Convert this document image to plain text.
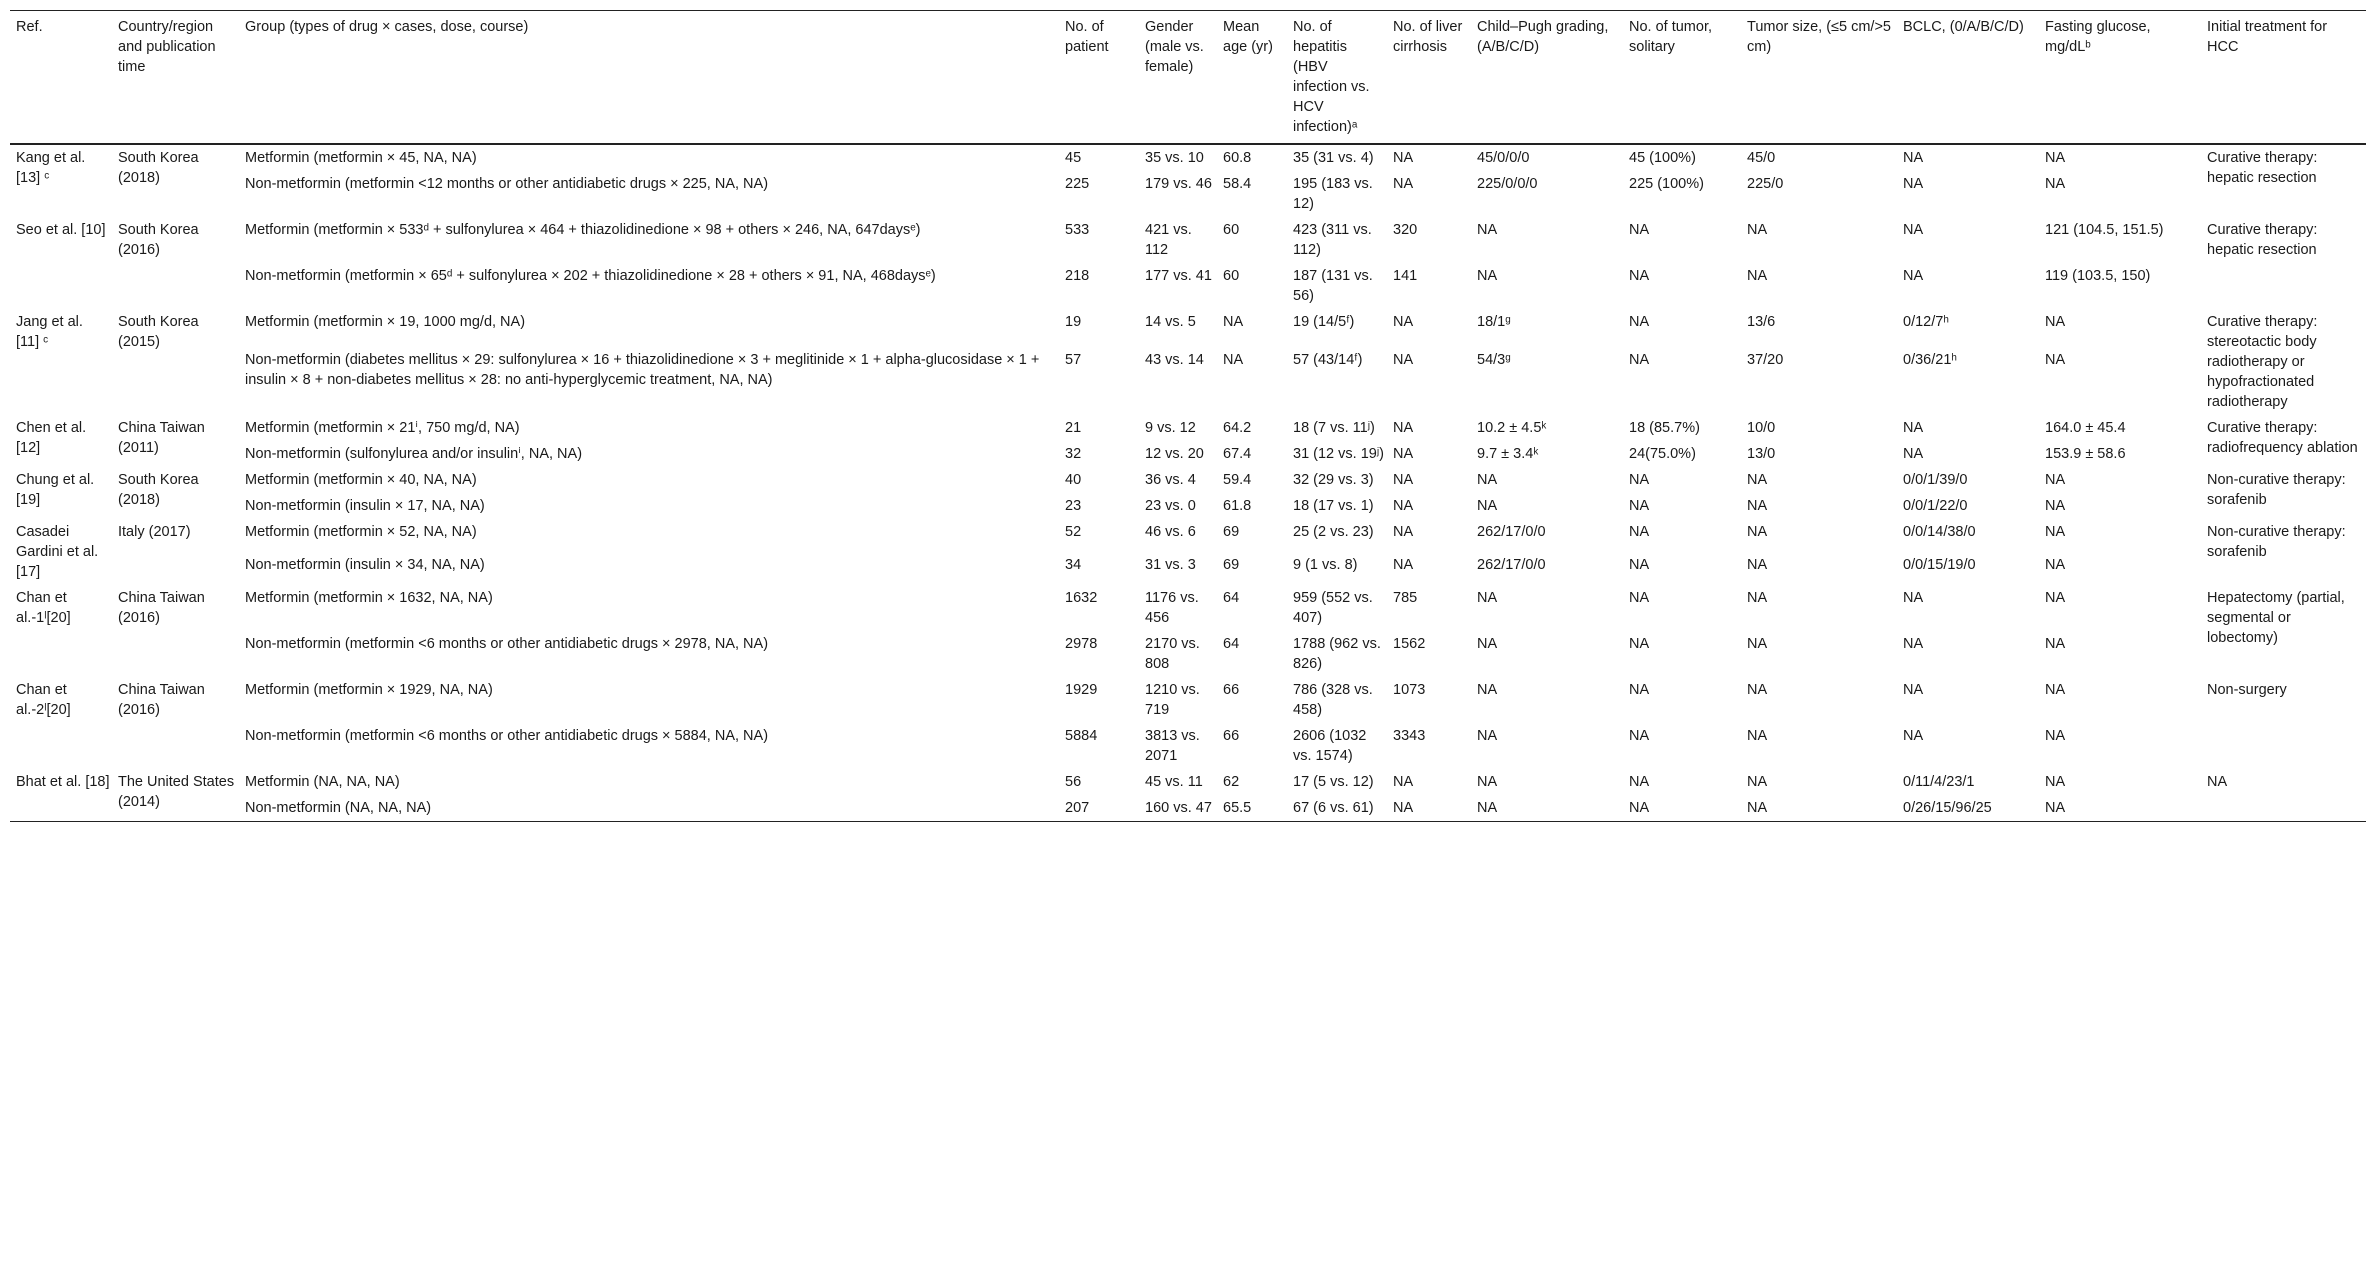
Ref.	Country/region and publication time	Group (types of drug × cases, dose, course)	No. of patient	Gender (male vs. female)	Mean age (yr)	No. of hepatitis (HBV infection vs. HCV infection)ᵃ	No. of liver cirrhosis	Child–Pugh grading, (A/B/C/D)	No. of tumor, solitary	Tumor size, (≤5 cm/>5 cm)	BCLC, (0/A/B/C/D)	Fasting glucose, mg/dLᵇ	Initial treatment for HCC
Kang et al. [13] ᶜ	South Korea (2018)	Metformin (metformin × 45, NA, NA)	45	35 vs. 10	60.8	35 (31 vs. 4)	NA	45/0/0/0	45 (100%)	45/0	NA	NA	Curative therapy: hepatic resection
		Non-metformin (metformin <12 months or other antidiabetic drugs × 225, NA, NA)	225	179 vs. 46	58.4	195 (183 vs. 12)	NA	225/0/0/0	225 (100%)	225/0	NA	NA	
Seo et al. [10]	South Korea (2016)	Metformin (metformin × 533ᵈ + sulfonylurea × 464 + thiazolidinedione × 98 + others × 246, NA, 647daysᵉ)	533	421 vs. 112	60	423 (311 vs. 112)	320	NA	NA	NA	NA	121 (104.5, 151.5)	Curative therapy: hepatic resection
		Non-metformin (metformin × 65ᵈ + sulfonylurea × 202 + thiazolidinedione × 28 + others × 91, NA, 468daysᵉ)	218	177 vs. 41	60	187 (131 vs. 56)	141	NA	NA	NA	NA	119 (103.5, 150)	
Jang et al. [11] ᶜ	South Korea (2015)	Metformin (metformin × 19, 1000 mg/d, NA)	19	14 vs. 5	NA	19 (14/5ᶠ)	NA	18/1ᵍ	NA	13/6	0/12/7ʰ	NA	Curative therapy: stereotactic body radiotherapy or hypofractionated radiotherapy
		Non-metformin (diabetes mellitus × 29: sulfonylurea × 16 + thiazolidinedione × 3 + meglitinide × 1 + alpha-glucosidase × 1 + insulin × 8 + non-diabetes mellitus × 28: no anti-hyperglycemic treatment, NA, NA)	57	43 vs. 14	NA	57 (43/14ᶠ)	NA	54/3ᵍ	NA	37/20	0/36/21ʰ	NA	
Chen et al. [12]	China Taiwan (2011)	Metformin (metformin × 21ⁱ, 750 mg/d, NA)	21	9 vs. 12	64.2	18 (7 vs. 11ʲ)	NA	10.2 ± 4.5ᵏ	18 (85.7%)	10/0	NA	164.0 ± 45.4	Curative therapy: radiofrequency ablation
		Non-metformin (sulfonylurea and/or insulinⁱ, NA, NA)	32	12 vs. 20	67.4	31 (12 vs. 19ʲ)	NA	9.7 ± 3.4ᵏ	24(75.0%)	13/0	NA	153.9 ± 58.6	
Chung et al. [19]	South Korea (2018)	Metformin (metformin × 40, NA, NA)	40	36 vs. 4	59.4	32 (29 vs. 3)	NA	NA	NA	NA	0/0/1/39/0	NA	Non-curative therapy: sorafenib
		Non-metformin (insulin × 17, NA, NA)	23	23 vs. 0	61.8	18 (17 vs. 1)	NA	NA	NA	NA	0/0/1/22/0	NA	
Casadei Gardini et al. [17]	Italy (2017)	Metformin (metformin × 52, NA, NA)	52	46 vs. 6	69	25 (2 vs. 23)	NA	262/17/0/0	NA	NA	0/0/14/38/0	NA	Non-curative therapy: sorafenib
		Non-metformin (insulin × 34, NA, NA)	34	31 vs. 3	69	9 (1 vs. 8)	NA	262/17/0/0	NA	NA	0/0/15/19/0	NA	
Chan et al.-1ˡ[20]	China Taiwan (2016)	Metformin (metformin × 1632, NA, NA)	1632	1176 vs. 456	64	959 (552 vs. 407)	785	NA	NA	NA	NA	NA	Hepatectomy (partial, segmental or lobectomy)
		Non-metformin (metformin <6 months or other antidiabetic drugs × 2978, NA, NA)	2978	2170 vs. 808	64	1788 (962 vs. 826)	1562	NA	NA	NA	NA	NA	
Chan et al.-2ˡ[20]	China Taiwan (2016)	Metformin (metformin × 1929, NA, NA)	1929	1210 vs. 719	66	786 (328 vs. 458)	1073	NA	NA	NA	NA	NA	Non-surgery
		Non-metformin (metformin <6 months or other antidiabetic drugs × 5884, NA, NA)	5884	3813 vs. 2071	66	2606 (1032 vs. 1574)	3343	NA	NA	NA	NA	NA	
Bhat et al. [18]	The United States (2014)	Metformin (NA, NA, NA)	56	45 vs. 11	62	17 (5 vs. 12)	NA	NA	NA	NA	0/11/4/23/1	NA	NA
		Non-metformin (NA, NA, NA)	207	160 vs. 47	65.5	67 (6 vs. 61)	NA	NA	NA	NA	0/26/15/96/25	NA	
